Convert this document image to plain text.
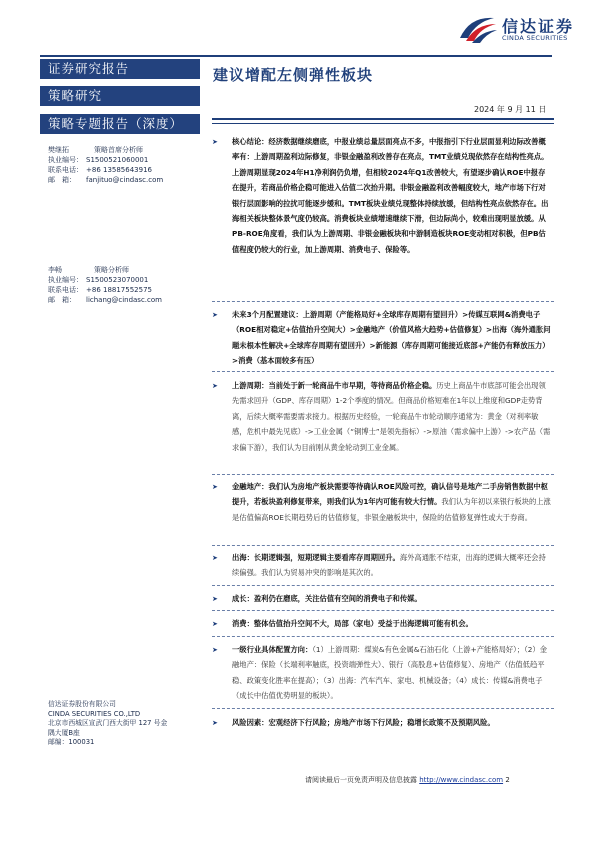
信达证券
CINDA SECURITIES
证券研究报告
策略研究
策略专题报告（深度）
樊继拓	策略首席分析师
执业编号： S1500521060001
联系电话： +86 13585643916
邮　箱： fanjituo@cindasc.com
李畅	策略分析师
执业编号： S1500523070001
联系电话： +86 18817552575
邮　箱： lichang@cindasc.com
信达证券股份有限公司
CINDA SECURITIES CO.,LTD
北京市西城区宣武门西大街甲 127 号金
隅大厦B座
邮编：100031
建议增配左侧弹性板块
2024 年 9 月 11 日
➤ 核心结论：经济数据继续磨底，中报业绩总量层面亮点不多，中报指引下行业层面显利边际改善概率有：上游周期盈利边际修复，非银金融盈利改善存在亮点，TMT业绩兑现依然存在结构性亮点。上游周期显现2024年H1净利润仍负增，但相较2024年Q1改善较大，有望逐步确认ROE中报存在提升，若商品价格企稳可能进入估值二次抬升期。非银金融盈利改善幅度较大，地产市场下行对银行层面影响的拉扰可能逐步缓和。TMT板块业绩兑现整体持续放缓，但结构性亮点依然存在。出海相关板块整体景气度仍较高。消费板块业绩增速继续下滑，但边际尚小，较难出现明显放缓。从PB-ROE角度看，我们认为上游周期、非银金融板块和中游制造板块ROE变动相对积极，但PB估值程度仍较大的行业，加上游周期、消费电子、保险等。
➤ 未来3个月配置建议：上游周期（产能格局好+全球库存周期有望回升）>传媒互联网&消费电子（ROE相对稳定+估值抬升空间大）>金融地产（价值风格大趋势+估值修复）>出海（海外通胀问题未根本性解决+全球库存周期有望回升）>新能源（库存周期可能接近底部+产能仍有释放压力）>消费（基本面较多有压）
➤ 上游周期：当前处于新一轮商品牛市早期，等待商品价格企稳。历史上商品牛市底部可能会出现领先需求回升（GDP、库存周期）1-2个季度的情况。但商品价格短难在1年以上维度和GDP走势背离，后续大概率需要需求接力。根据历史经验，一轮商品牛市轮动顺序通常为：黄金（对利率敏感，危机中最先见底）->工业金属（“铜博士”是领先指标）->原油（需求偏中上游）->农产品（需求偏下游），我们认为目前刚从黄金轮动到工业金属。
➤ 金融地产：我们认为房地产板块需要等待确认ROE风险可控，确认信号是地产二手房销售数据中枢提升，若板块盈利修复带来，则我们认为1年内可能有较大行情。我们认为年初以来银行板块的上涨是估值偏高ROE长期趋势后的估值修复，非银金融板块中，保险的估值修复弹性或大于券商。
➤ 出海：长期逻辑强，短期逻辑主要看库存周期回升。海外高通胀不结束，出海的逻辑大概率还会持续偏强。我们认为贸易冲突的影响是其次的。
➤ 成长：盈利仍在磨底，关注估值有空间的消费电子和传媒。
➤ 消费：整体估值抬升空间不大，局部（家电）受益于出海逻辑可能有机会。
➤ 一级行业具体配置方向：（1）上游周期：煤炭&有色金属&石油石化（上游+产能格局好）；（2）金融地产：保险（长端利率触底，投资端弹性大）、银行（高股息+估值修复）、房地产（估值低趋平稳、政策变化胜率在提高）；（3）出海：汽车汽车、家电、机械设备；（4）成长：传媒&消费电子（成长中估值优势明显的板块）。
➤ 风险因素：宏观经济下行风险；房地产市场下行风险；稳增长政策不及预期风险。
请阅读最后一页免责声明及信息披露 http://www.cindasc.com 2
